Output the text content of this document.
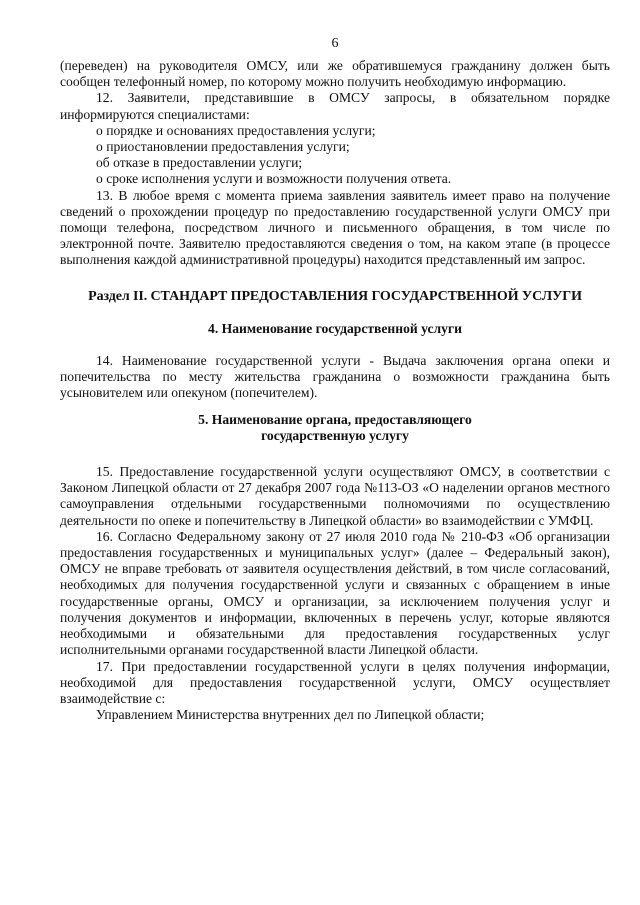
6

(переведен) на руководителя ОМСУ, или же обратившемуся гражданину должен быть сообщен телефонный номер, по которому можно получить необходимую информацию.

12. Заявители, представившие в ОМСУ запросы, в обязательном порядке информируются специалистами:

о порядке и основаниях предоставления услуги;

о приостановлении предоставления услуги;

об отказе в предоставлении услуги;

о сроке исполнения услуги и возможности получения ответа.

13. В любое время с момента приема заявления заявитель имеет право на получение сведений о прохождении процедур по предоставлению государственной услуги ОМСУ при помощи телефона, посредством личного и письменного обращения, в том числе по электронной почте. Заявителю предоставляются сведения о том, на каком этапе (в процессе выполнения каждой административной процедуры) находится представленный им запрос.

Раздел II. СТАНДАРТ ПРЕДОСТАВЛЕНИЯ ГОСУДАРСТВЕННОЙ УСЛУГИ
4. Наименование государственной услуги

14. Наименование государственной услуги - Выдача заключения органа опеки и попечительства по месту жительства гражданина о возможности гражданина быть усыновителем или опекуном (попечителем).

5. Наименование органа, предоставляющего
государственную услугу

15. Предоставление государственной услуги осуществляют ОМСУ, в соответствии с Законом Липецкой области от 27 декабря 2007 года №113-ОЗ «О наделении органов местного самоуправления отдельными государственными полномочиями по осуществлению деятельности по опеке и попечительству в Липецкой области» во взаимодействии с УМФЦ.

16. Согласно Федеральному закону от 27 июля 2010 года № 210-ФЗ «Об организации предоставления государственных и муниципальных услуг» (далее – Федеральный закон), ОМСУ не вправе требовать от заявителя осуществления действий, в том числе согласований, необходимых для получения государственной услуги и связанных с обращением в иные государственные органы, ОМСУ и организации, за исключением получения услуг и получения документов и информации, включенных в перечень услуг, которые являются необходимыми и обязательными для предоставления государственных услуг исполнительными органами государственной власти Липецкой области.

17. При предоставлении государственной услуги в целях получения информации, необходимой для предоставления государственной услуги, ОМСУ осуществляет взаимодействие с:

Управлением Министерства внутренних дел по Липецкой области;
